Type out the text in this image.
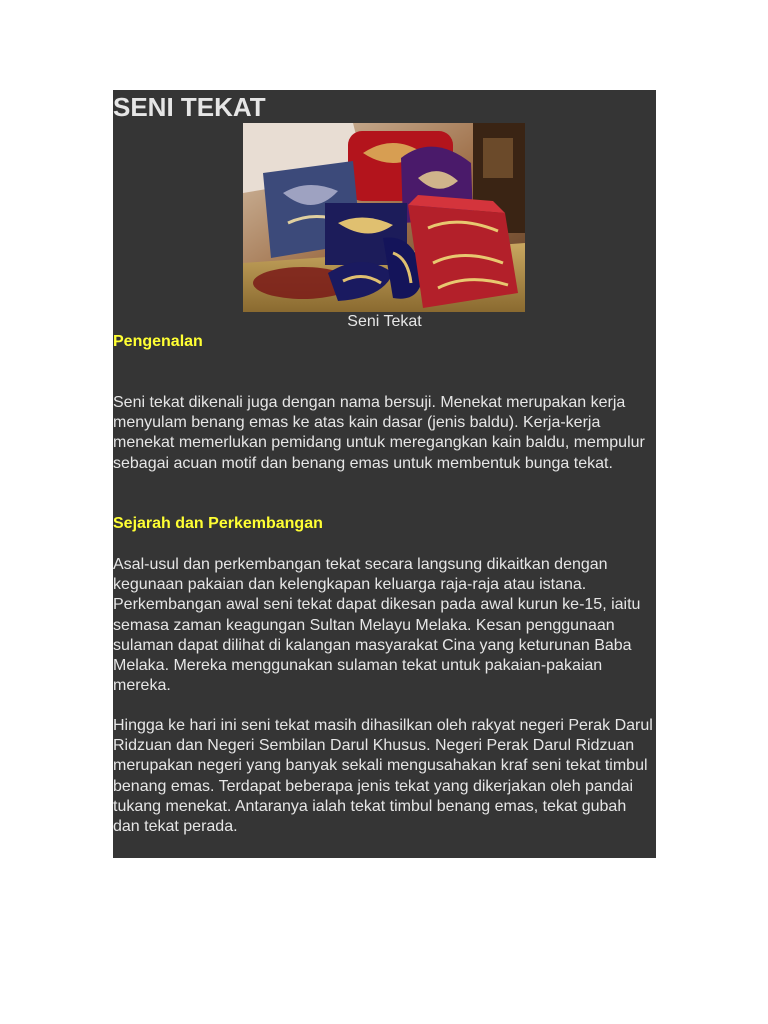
SENI TEKAT
Seni Tekat
Pengenalan

Seni tekat dikenali juga dengan nama bersuji. Menekat merupakan kerja menyulam benang emas ke atas kain dasar (jenis baldu). Kerja-kerja menekat memerlukan pemidang untuk meregangkan kain baldu, mempulur sebagai acuan motif dan benang emas untuk membentuk bunga tekat.

Sejarah dan Perkembangan

Asal-usul dan perkembangan tekat secara langsung dikaitkan dengan kegunaan pakaian dan kelengkapan keluarga raja-raja atau istana. Perkembangan awal seni tekat dapat dikesan pada awal kurun ke-15, iaitu semasa zaman keagungan Sultan Melayu Melaka. Kesan penggunaan sulaman dapat dilihat di kalangan masyarakat Cina yang keturunan Baba Melaka. Mereka menggunakan sulaman tekat untuk pakaian-pakaian mereka.

Hingga ke hari ini seni tekat masih dihasilkan oleh rakyat negeri Perak Darul Ridzuan dan Negeri Sembilan Darul Khusus. Negeri Perak Darul Ridzuan merupakan negeri yang banyak sekali mengusahakan kraf seni tekat timbul benang emas. Terdapat beberapa jenis tekat yang dikerjakan oleh pandai tukang menekat. Antaranya ialah tekat timbul benang emas, tekat gubah dan tekat perada.
